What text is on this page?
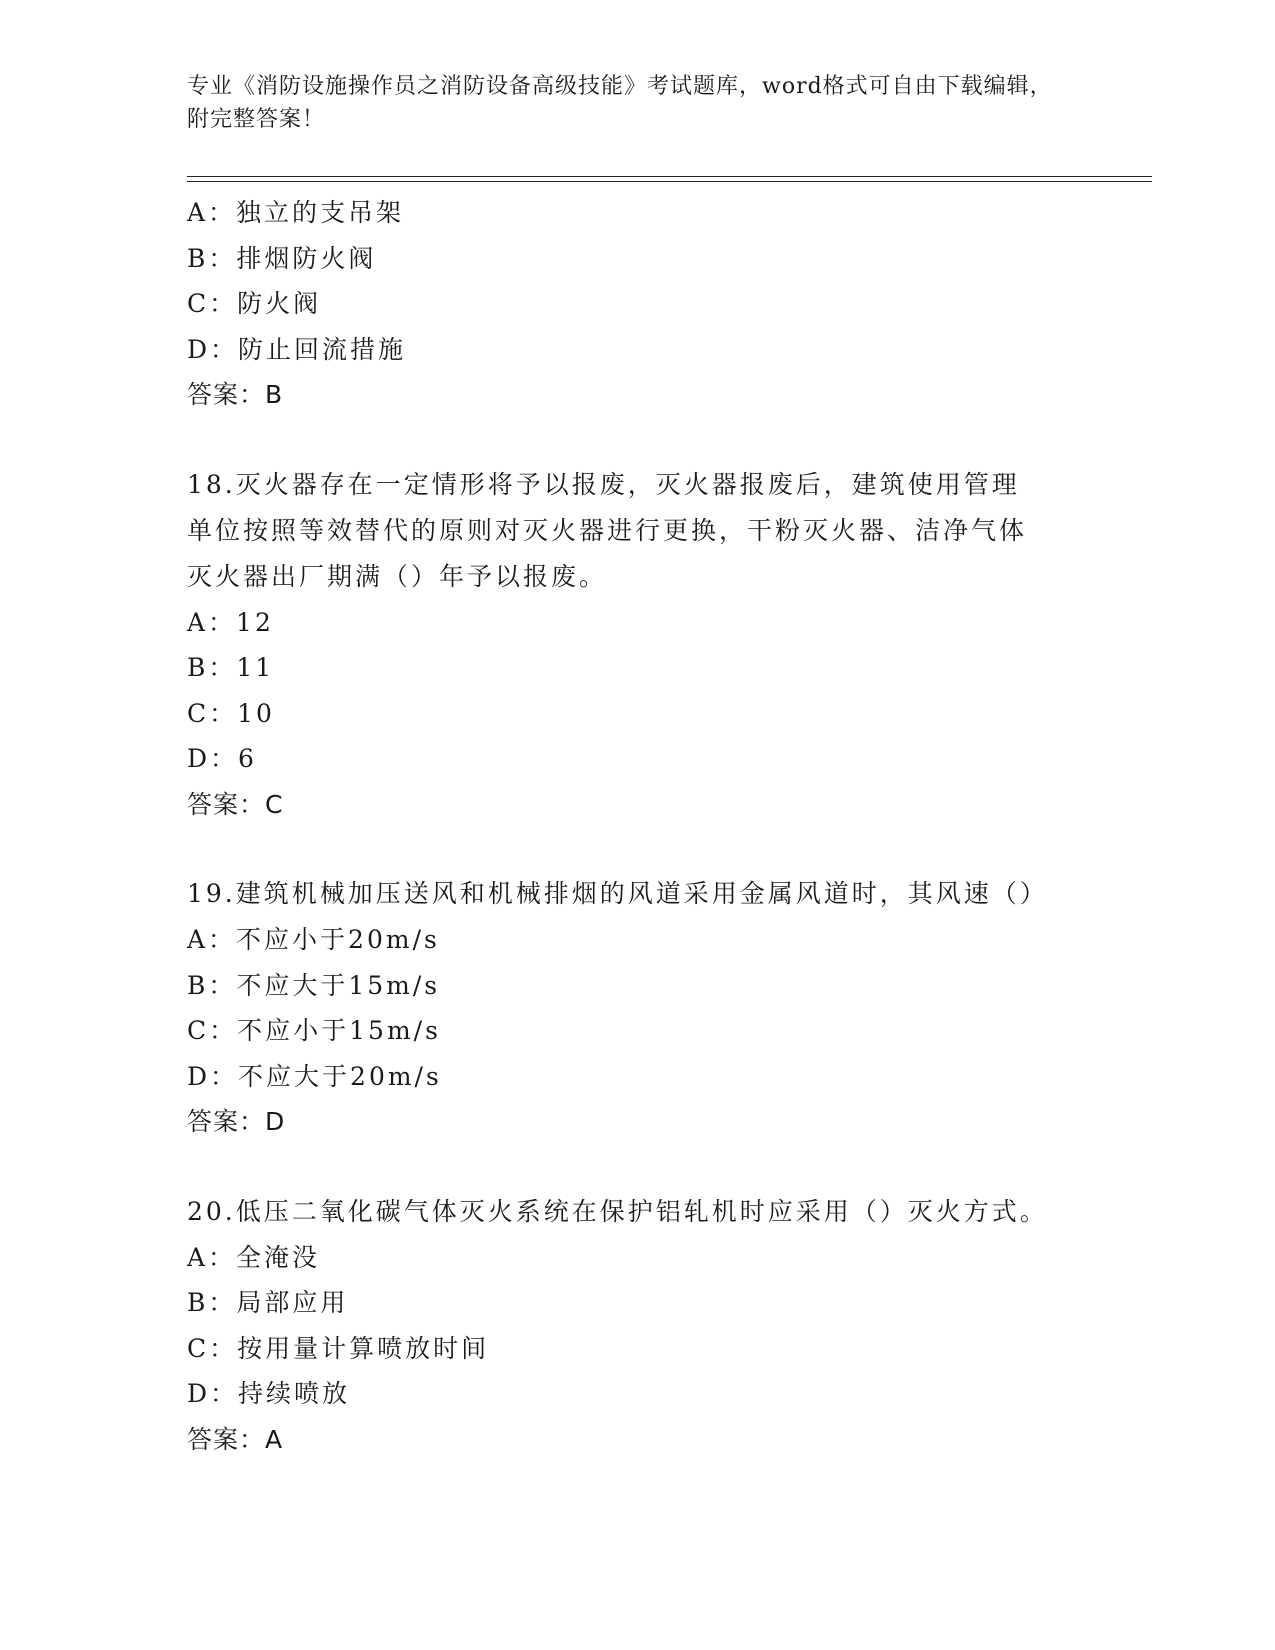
专业《消防设施操作员之消防设备高级技能》考试题库，word格式可自由下载编辑，附完整答案！
A：独立的支吊架
B：排烟防火阀
C：防火阀
D：防止回流措施
答案：B
18.灭火器存在一定情形将予以报废，灭火器报废后，建筑使用管理单位按照等效替代的原则对灭火器进行更换，干粉灭火器、洁净气体灭火器出厂期满（）年予以报废。
A：12
B：11
C：10
D：6
答案：C
19.建筑机械加压送风和机械排烟的风道采用金属风道时，其风速（）
A：不应小于20m/s
B：不应大于15m/s
C：不应小于15m/s
D：不应大于20m/s
答案：D
20.低压二氧化碳气体灭火系统在保护铝轧机时应采用（）灭火方式。
A：全淹没
B：局部应用
C：按用量计算喷放时间
D：持续喷放
答案：A
